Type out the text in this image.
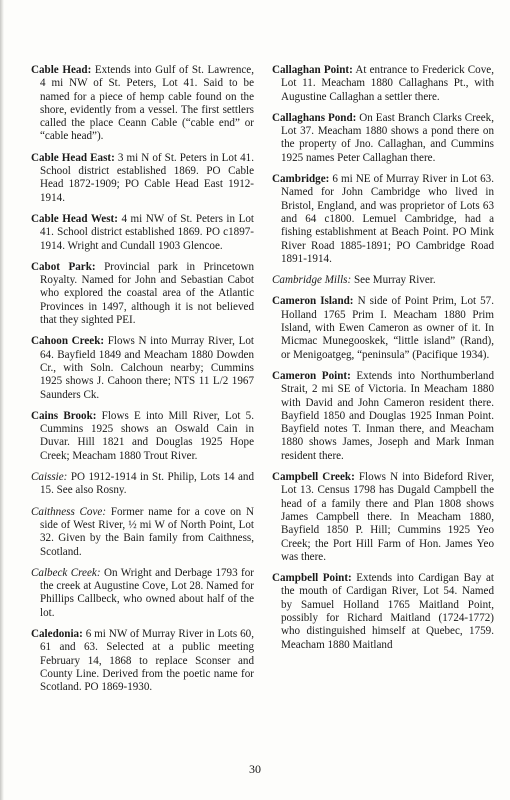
Cable Head: Extends into Gulf of St. Lawrence, 4 mi NW of St. Peters, Lot 41. Said to be named for a piece of hemp cable found on the shore, evidently from a vessel. The first settlers called the place Ceann Cable (“cable end” or “cable head”).

Cable Head East: 3 mi N of St. Peters in Lot 41. School district established 1869. PO Cable Head 1872-1909; PO Cable Head East 1912-1914.

Cable Head West: 4 mi NW of St. Peters in Lot 41. School district established 1869. PO c1897-1914. Wright and Cundall 1903 Glencoe.

Cabot Park: Provincial park in Princetown Royalty. Named for John and Sebastian Cabot who explored the coastal area of the Atlantic Provinces in 1497, although it is not believed that they sighted PEI.

Cahoon Creek: Flows N into Murray River, Lot 64. Bayfield 1849 and Meacham 1880 Dowden Cr., with Soln. Calchoun nearby; Cummins 1925 shows J. Cahoon there; NTS 11 L/2 1967 Saunders Ck.

Cains Brook: Flows E into Mill River, Lot 5. Cummins 1925 shows an Oswald Cain in Duvar. Hill 1821 and Douglas 1925 Hope Creek; Meacham 1880 Trout River.

Caissie: PO 1912-1914 in St. Philip, Lots 14 and 15. See also Rosny.

Caithness Cove: Former name for a cove on N side of West River, ½ mi W of North Point, Lot 32. Given by the Bain family from Caithness, Scotland.

Calbeck Creek: On Wright and Derbage 1793 for the creek at Augustine Cove, Lot 28. Named for Phillips Callbeck, who owned about half of the lot.

Caledonia: 6 mi NW of Murray River in Lots 60, 61 and 63. Selected at a public meeting February 14, 1868 to replace Sconser and County Line. Derived from the poetic name for Scotland. PO 1869-1930.

Callaghan Point: At entrance to Frederick Cove, Lot 11. Meacham 1880 Callaghans Pt., with Augustine Callaghan a settler there.

Callaghans Pond: On East Branch Clarks Creek, Lot 37. Meacham 1880 shows a pond there on the property of Jno. Callaghan, and Cummins 1925 names Peter Callaghan there.

Cambridge: 6 mi NE of Murray River in Lot 63. Named for John Cambridge who lived in Bristol, England, and was proprietor of Lots 63 and 64 c1800. Lemuel Cambridge, had a fishing establishment at Beach Point. PO Mink River Road 1885-1891; PO Cambridge Road 1891-1914.

Cambridge Mills: See Murray River.

Cameron Island: N side of Point Prim, Lot 57. Holland 1765 Prim I. Meacham 1880 Prim Island, with Ewen Cameron as owner of it. In Micmac Munegooskek, “little island” (Rand), or Menigoatgeg, “peninsula” (Pacifique 1934).

Cameron Point: Extends into Northumberland Strait, 2 mi SE of Victoria. In Meacham 1880 with David and John Cameron resident there. Bayfield 1850 and Douglas 1925 Inman Point. Bayfield notes T. Inman there, and Meacham 1880 shows James, Joseph and Mark Inman resident there.

Campbell Creek: Flows N into Bideford River, Lot 13. Census 1798 has Dugald Campbell the head of a family there and Plan 1808 shows James Campbell there. In Meacham 1880, Bayfield 1850 P. Hill; Cummins 1925 Yeo Creek; the Port Hill Farm of Hon. James Yeo was there.

Campbell Point: Extends into Cardigan Bay at the mouth of Cardigan River, Lot 54. Named by Samuel Holland 1765 Maitland Point, possibly for Richard Maitland (1724-1772) who distinguished himself at Quebec, 1759. Meacham 1880 Maitland

30
